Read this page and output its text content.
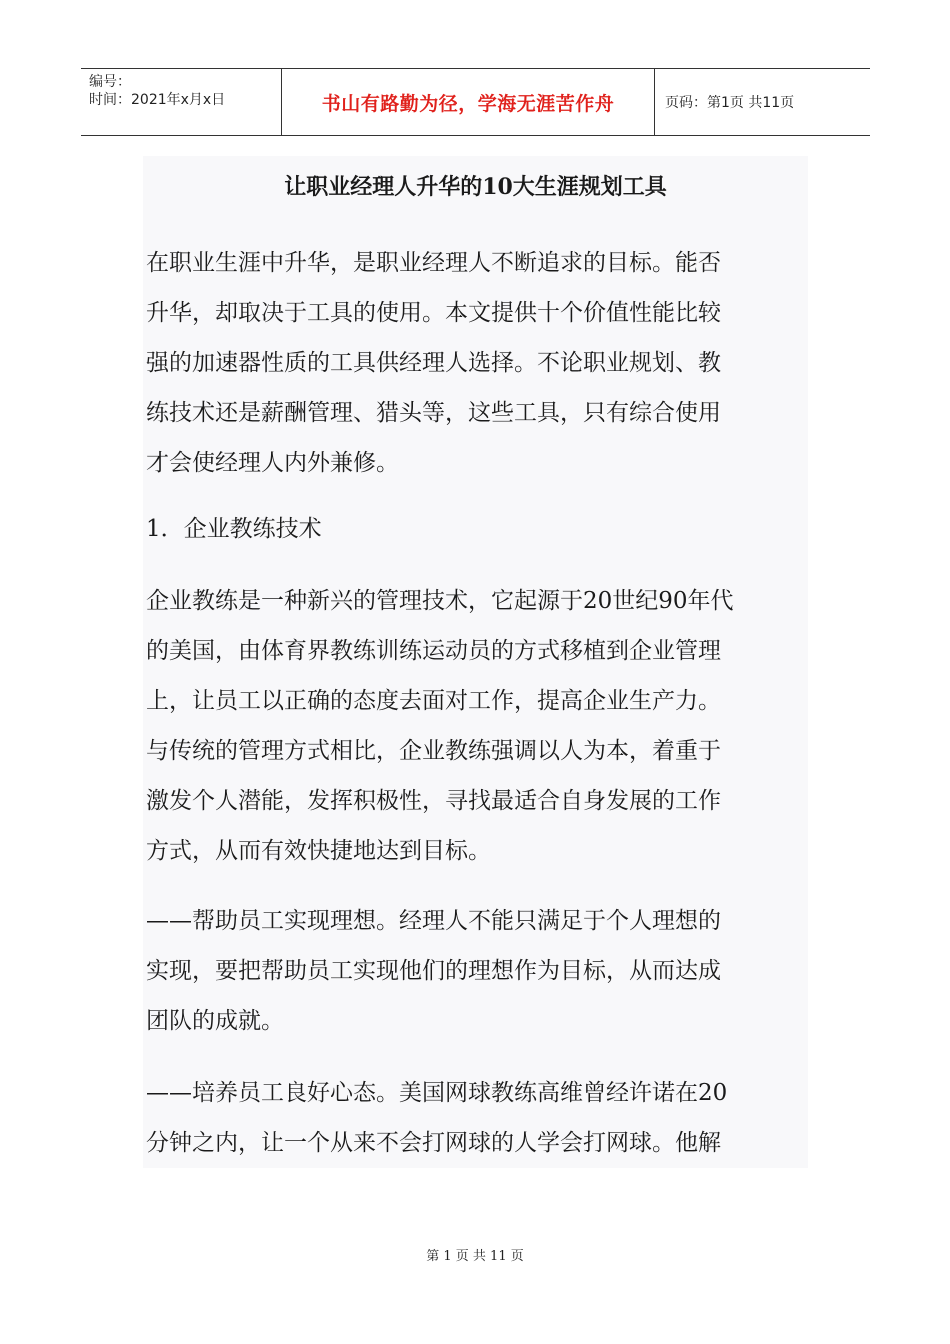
编号：
时间：2021年x月x日	书山有路勤为径，学海无涯苦作舟	页码：第1页 共11页
让职业经理人升华的10大生涯规划工具

在职业生涯中升华，是职业经理人不断追求的目标。能否
升华，却取决于工具的使用。本文提供十个价值性能比较
强的加速器性质的工具供经理人选择。不论职业规划、教
练技术还是薪酬管理、猎头等，这些工具，只有综合使用
才会使经理人内外兼修。

1．企业教练技术

企业教练是一种新兴的管理技术，它起源于20世纪90年代
的美国，由体育界教练训练运动员的方式移植到企业管理
上，让员工以正确的态度去面对工作，提高企业生产力。
与传统的管理方式相比，企业教练强调以人为本，着重于
激发个人潜能，发挥积极性，寻找最适合自身发展的工作
方式，从而有效快捷地达到目标。

——帮助员工实现理想。经理人不能只满足于个人理想的
实现，要把帮助员工实现他们的理想作为目标，从而达成
团队的成就。

——培养员工良好心态。美国网球教练高维曾经许诺在20
分钟之内，让一个从来不会打网球的人学会打网球。他解

第 1 页 共 11 页
